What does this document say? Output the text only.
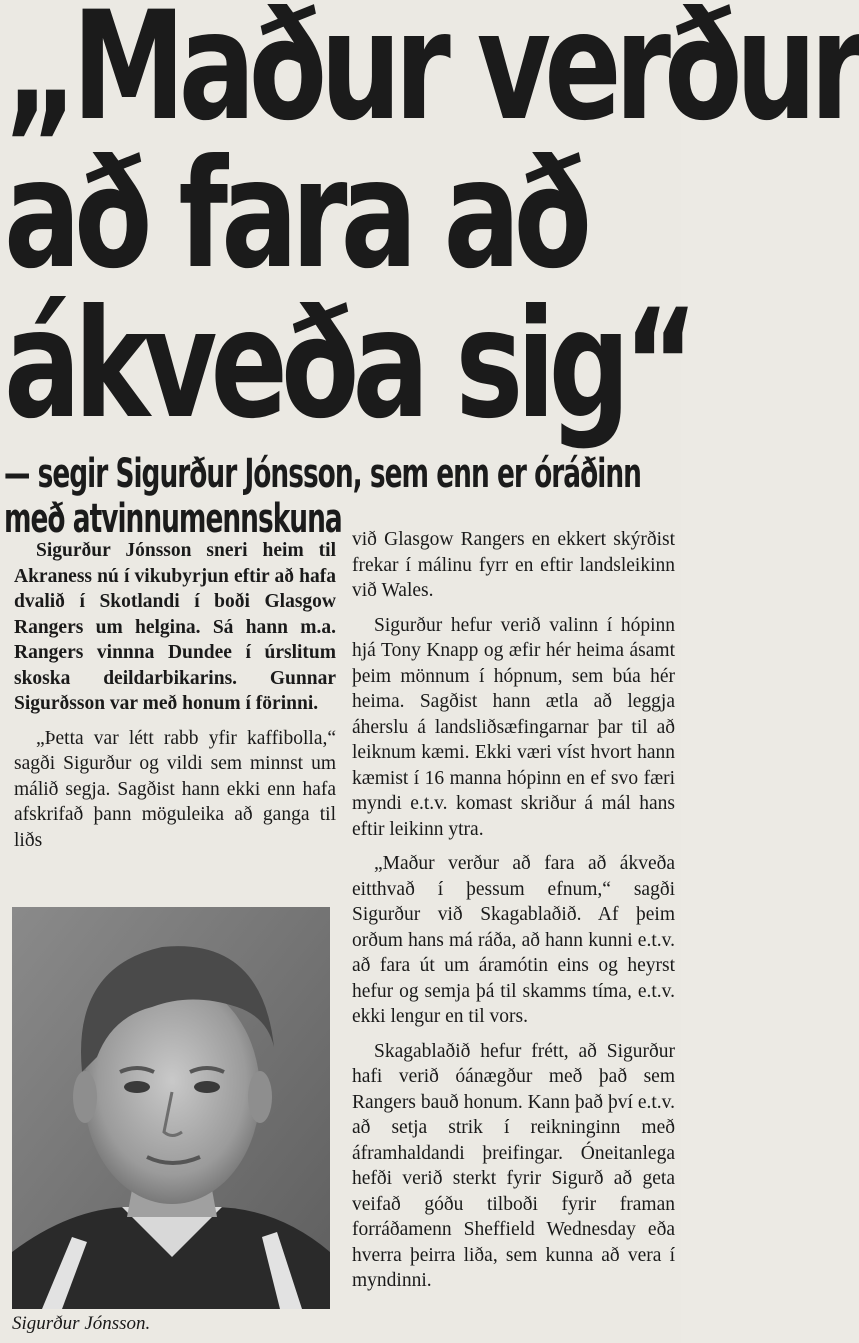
„Maður verður
að fara að
ákveða sig“
— segir Sigurður Jónsson, sem enn er óráðinn
með atvinnumennskuna

Sigurður Jónsson sneri heim til Akraness nú í vikubyrjun eftir að hafa dvalið í Skotlandi í boði Glasgow Rangers um helgina. Sá hann m.a. Rangers vinnna Dundee í úrslitum skoska deildarbikarins. Gunnar Sigurðsson var með honum í förinni.

„Þetta var létt rabb yfir kaffibolla,“ sagði Sigurður og vildi sem minnst um málið segja. Sagðist hann ekki enn hafa afskrifað þann möguleika að ganga til liðs

Sigurður Jónsson.

við Glasgow Rangers en ekkert skýrðist frekar í málinu fyrr en eftir landsleikinn við Wales.

Sigurður hefur verið valinn í hópinn hjá Tony Knapp og æfir hér heima ásamt þeim mönnum í hópnum, sem búa hér heima. Sagðist hann ætla að leggja áherslu á landsliðsæfingarnar þar til að leiknum kæmi. Ekki væri víst hvort hann kæmist í 16 manna hópinn en ef svo færi myndi e.t.v. komast skriður á mál hans eftir leikinn ytra.

„Maður verður að fara að ákveða eitthvað í þessum efnum,“ sagði Sigurður við Skagablaðið. Af þeim orðum hans má ráða, að hann kunni e.t.v. að fara út um áramótin eins og heyrst hefur og semja þá til skamms tíma, e.t.v. ekki lengur en til vors.

Skagablaðið hefur frétt, að Sigurður hafi verið óánægður með það sem Rangers bauð honum. Kann það því e.t.v. að setja strik í reikninginn með áframhaldandi þreifingar. Óneitanlega hefði verið sterkt fyrir Sigurð að geta veifað góðu tilboði fyrir framan forráðamenn Sheffield Wednesday eða hverra þeirra liða, sem kunna að vera í myndinni.
